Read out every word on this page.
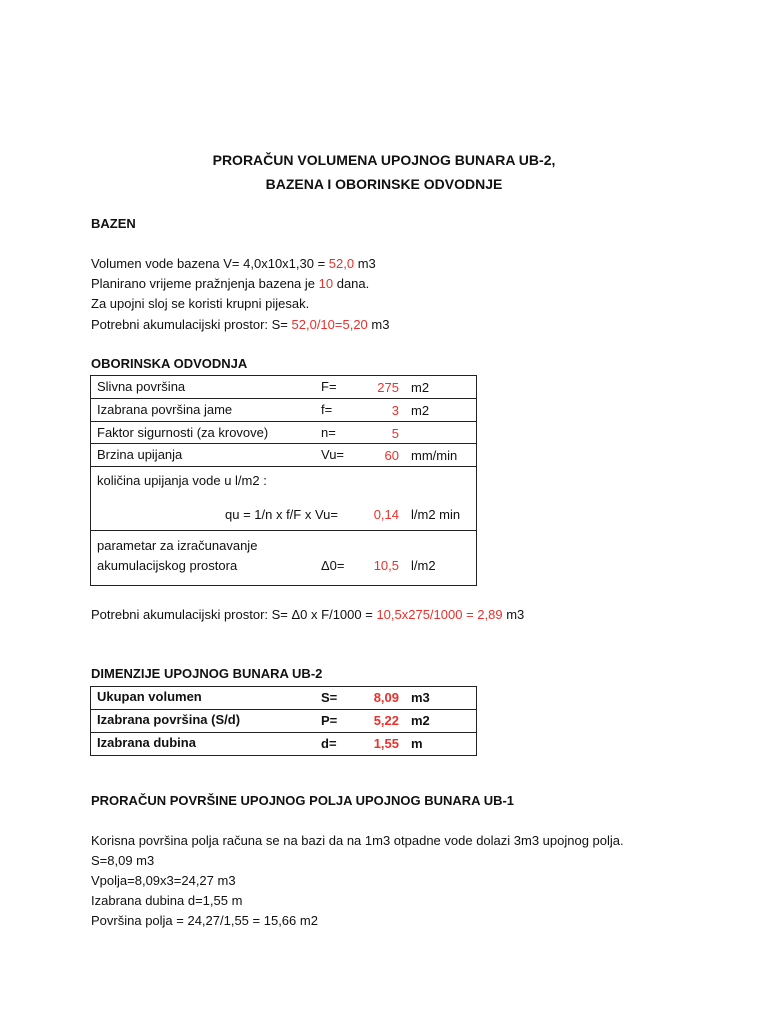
PRORAČUN VOLUMENA UPOJNOG BUNARA UB-2,
BAZENA I OBORINSKE ODVODNJE
BAZEN
Volumen vode bazena V= 4,0x10x1,30 = 52,0 m3
Planirano vrijeme pražnjenja bazena je 10 dana.
Za upojni sloj se koristi krupni pijesak.
Potrebni akumulacijski prostor: S= 52,0/10=5,20 m3
OBORINSKA ODVODNJA
Slivna površina	F=	275 m2
Izabrana površina jame	f=	3 m2
Faktor sigurnosti (za krovove)	n=	5
Brzina upijanja	Vu=	60 mm/min
količina upijanja vode u l/m2 :
qu = 1/n x f/F x Vu=	0,14 l/m2 min
parametar za izračunavanje
akumulacijskog prostora	Δ0=	10,5 l/m2
Potrebni akumulacijski prostor: S= Δ0 x F/1000 = 10,5x275/1000 = 2,89 m3
DIMENZIJE UPOJNOG BUNARA UB-2
Ukupan volumen	S=	8,09 m3
Izabrana površina (S/d)	P=	5,22 m2
Izabrana dubina	d=	1,55 m
PRORAČUN POVRŠINE UPOJNOG POLJA UPOJNOG BUNARA UB-1
Korisna površina polja računa se na bazi da na 1m3 otpadne vode dolazi 3m3 upojnog polja.
S=8,09 m3
Vpolja=8,09x3=24,27 m3
Izabrana dubina d=1,55 m
Površina polja = 24,27/1,55 = 15,66 m2
